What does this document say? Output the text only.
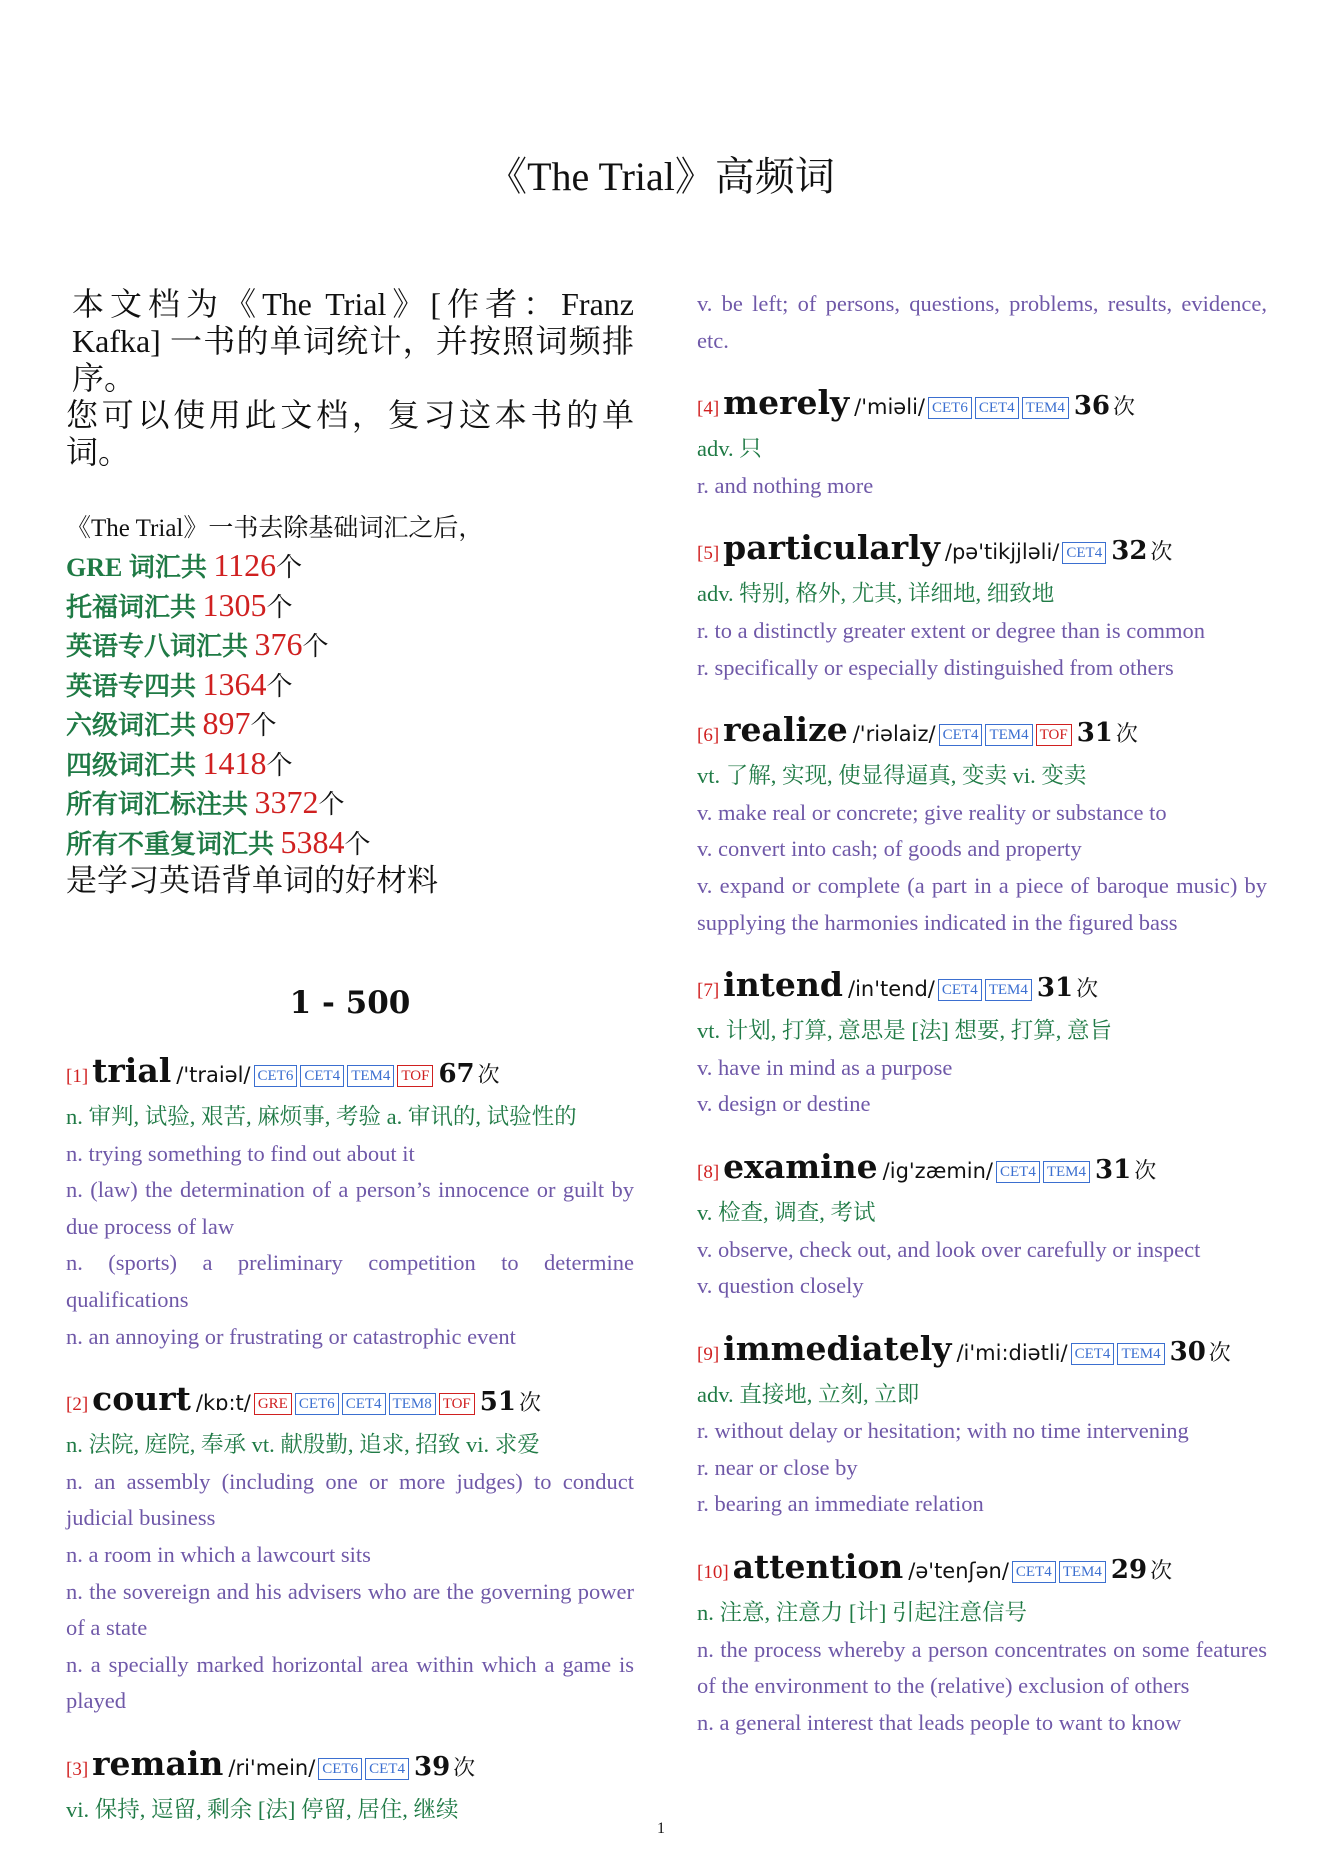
《The Trial》高频词
本文档为《The Trial》[作者：Franz Kafka] 一书的单词统计，并按照词频排序。
您可以使用此文档，复习这本书的单词。
《The Trial》一书去除基础词汇之后，
GRE 词汇共 1126个
托福词汇共 1305个
英语专八词汇共 376个
英语专四共 1364个
六级词汇共 897个
四级词汇共 1418个
所有词汇标注共 3372个
所有不重复词汇共 5384个
是学习英语背单词的好材料
1 - 500
[1] trial /'traiəl/ CET6 CET4 TEM4 TOF 67 次
n. 审判, 试验, 艰苦, 麻烦事, 考验 a. 审讯的, 试验性的
n. trying something to find out about it
n. (law) the determination of a person’s innocence or guilt by due process of law
n. (sports) a preliminary competition to determine qualifications
n. an annoying or frustrating or catastrophic event
[2] court /kɒ:t/ GRE CET6 CET4 TEM8 TOF 51 次
n. 法院, 庭院, 奉承 vt. 献殷勤, 追求, 招致 vi. 求爱
n. an assembly (including one or more judges) to conduct judicial business
n. a room in which a lawcourt sits
n. the sovereign and his advisers who are the governing power of a state
n. a specially marked horizontal area within which a game is played
[3] remain /ri'mein/ CET6 CET4 39 次
vi. 保持, 逗留, 剩余 [法] 停留, 居住, 继续
v. be left; of persons, questions, problems, results, evidence, etc.
[4] merely /'miəli/ CET6 CET4 TEM4 36 次
adv. 只
r. and nothing more
[5] particularly /pə'tikjjləli/ CET4 32 次
adv. 特别, 格外, 尤其, 详细地, 细致地
r. to a distinctly greater extent or degree than is common
r. specifically or especially distinguished from others
[6] realize /'riəlaiz/ CET4 TEM4 TOF 31 次
vt. 了解, 实现, 使显得逼真, 变卖 vi. 变卖
v. make real or concrete; give reality or substance to
v. convert into cash; of goods and property
v. expand or complete (a part in a piece of baroque music) by supplying the harmonies indicated in the figured bass
[7] intend /in'tend/ CET4 TEM4 31 次
vt. 计划, 打算, 意思是 [法] 想要, 打算, 意旨
v. have in mind as a purpose
v. design or destine
[8] examine /ig'zæmin/ CET4 TEM4 31 次
v. 检查, 调查, 考试
v. observe, check out, and look over carefully or inspect
v. question closely
[9] immediately /i'mi:diətli/ CET4 TEM4 30 次
adv. 直接地, 立刻, 立即
r. without delay or hesitation; with no time intervening
r. near or close by
r. bearing an immediate relation
[10] attention /ə'tenʃən/ CET4 TEM4 29 次
n. 注意, 注意力 [计] 引起注意信号
n. the process whereby a person concentrates on some features of the environment to the (relative) exclusion of others
n. a general interest that leads people to want to know
1
